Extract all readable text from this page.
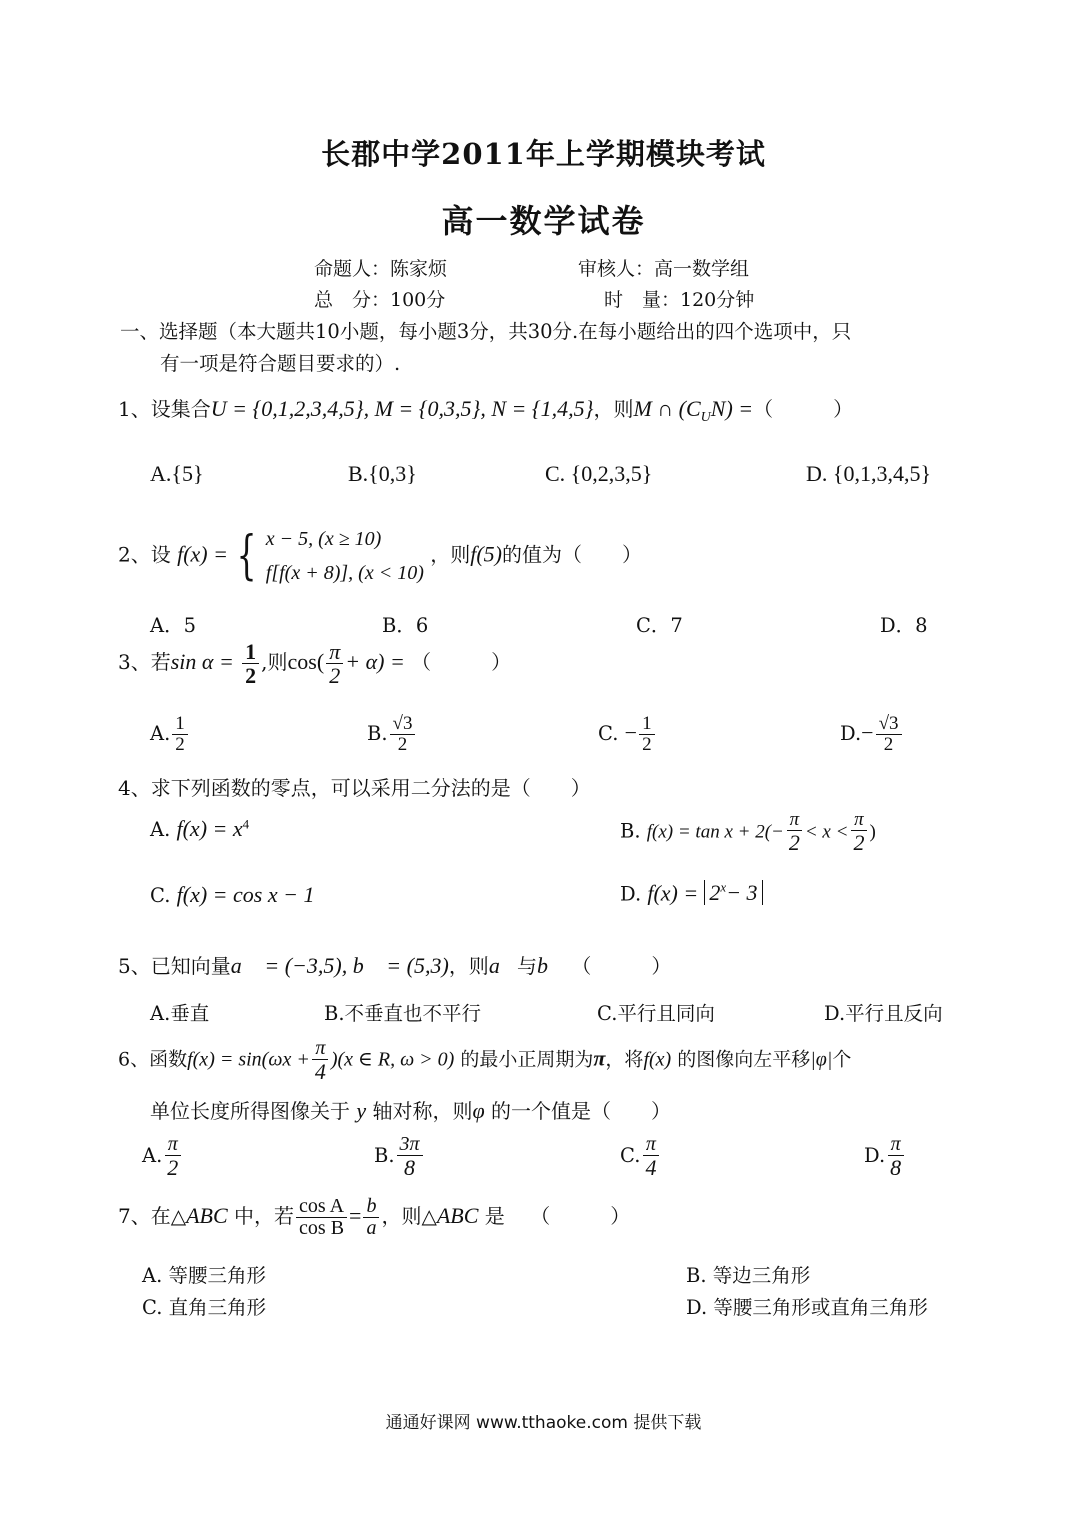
长郡中学2011年上学期模块考试
高一数学试卷
命题人：陈家烦	审核人：高一数学组
总　分：100分	时　量：120分钟
一、选择题（本大题共10小题，每小题3分，共30分.在每小题给出的四个选项中，只
有一项是符合题目要求的）.
1、设集合U = {0,1,2,3,4,5}, M = {0,3,5}, N = {1,4,5}，则M ∩ $(C_UN)$ =（　　　）
A.{5}	B.{0,3}	C. {0,2,3,5}	D. {0,1,3,4,5}
2、设 f(x) = { x − 5, (x ≥ 10)
f[f(x + 8)], (x < 10)
，则f(5)的值为（　　）
A．5	B．6	C．7	D．8
3、若$\sin \alpha = \frac{1}{2}$ ,则$\cos( \frac{\pi}{2} + \alpha)$ = （　　　）
A. $\frac{1}{2}$	B. $\frac{√3}{2}$	C. − $\frac{1}{2}$	$D.- \frac{√3}{2}$
4、求下列函数的零点，可以采用二分法的是（　　）
A. $f(x) = x^4$	B. $f(x) = \tan x + 2(- \frac{\pi}{2} < x < \frac{\pi}{2}$ )
C. f(x) = cos x − 1	D. $f(x) = 2^x- 3$
5、已知向量a⃗ = (−3,5), b⃗ = (5,3)，则a⃗与b⃗ （　　　）
A.垂直	B.不垂直也不平行	C.平行且同向	D.平行且反向
6、函数$f(x) = \sin(\omega x + \frac{\pi}{4} )(x$ ∈ R, ω > 0) 的最小正周期为π，将f(x) 的图像向左平移|φ|个
单位长度所得图像关于 y 轴对称，则φ 的一个值是（　　）
A. $\frac{\pi}{2}$	B. $\frac{3\pi}{8}$	C. $\frac{\pi}{4}$	D. $\frac{\pi}{8}$
7、在△ABC 中，若 $\frac{\text{cos A}}{\text{cos B}} = \frac{b}{a}$ ，则△ABC 是 （　　　）
A. 等腰三角形	B. 等边三角形
C. 直角三角形	D. 等腰三角形或直角三角形
通通好课网 www.tthaoke.com 提供下载
